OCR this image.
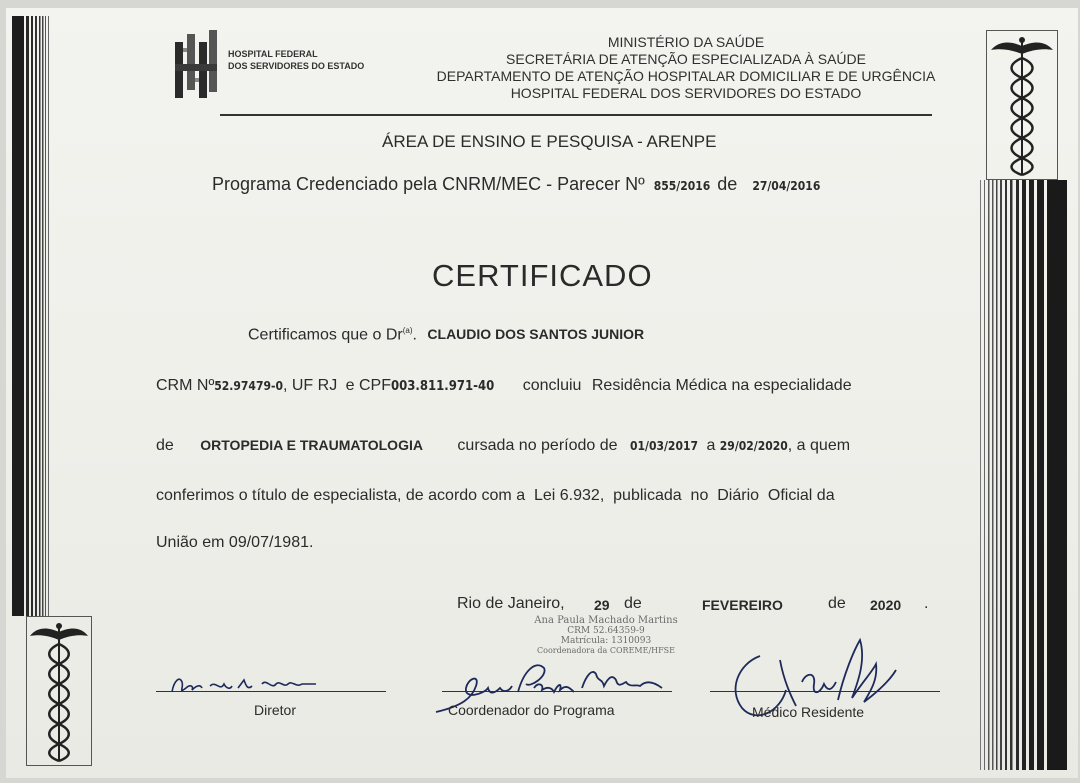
HOSPITAL FEDERAL
DOS SERVIDORES DO ESTADO
MINISTÉRIO DA SAÚDE
SECRETÁRIA DE ATENÇÃO ESPECIALIZADA À SAÚDE
DEPARTAMENTO DE ATENÇÃO HOSPITALAR DOMICILIAR E DE URGÊNCIA
HOSPITAL FEDERAL DOS SERVIDORES DO ESTADO
ÁREA DE ENSINO E PESQUISA - ARENPE
Programa Credenciado pela CNRM/MEC - Parecer Nº 855/2016 de 27/04/2016
CERTIFICADO
Certificamos que o Dr$^{(a)}$. CLAUDIO DOS SANTOS JUNIOR
CRM Nº52.97479-0, UF RJ e CPF003.811.971-40 concluiu Residência Médica na especialidade
de ORTOPEDIA E TRAUMATOLOGIA cursada no período de 01/03/2017 a 29/02/2020, a quem
conferimos o título de especialista, de acordo com a  Lei 6.932,  publicada  no  Diário  Oficial da
União em 09/07/1981.
Rio de Janeiro, 29 de	FEVEREIRO	de 2020 .
Ana Paula Machado Martins
CRM 52.64359-9
Matrícula: 1310093
Coordenadora da COREME/HFSE
Diretor	Coordenador do Programa	Médico Residente
